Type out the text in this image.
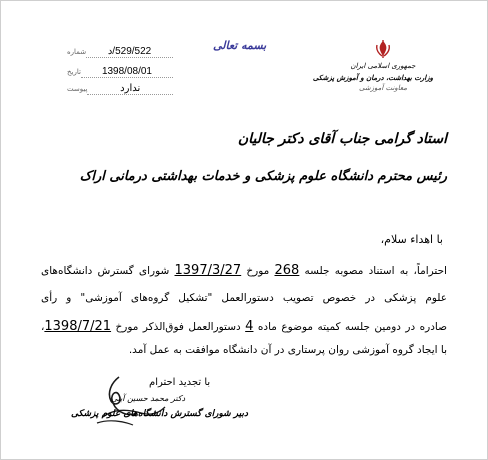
شماره	529/522/د
تاریخ	1398/08/01
پیوست	ندارد
بسمه تعالی
جمهوری اسلامی ایران
وزارت بهداشت، درمان و آموزش پزشکی
معاونت آموزشی
استاد گرامی جناب آقای دکتر جالیان
رئیس محترم دانشگاه علوم پزشکی و خدمات بهداشتی درمانی اراک
با اهداء سلام،
احتراماً، به استناد مصوبه جلسه 268 مورخ 1397/3/27 شورای گسترش دانشگاه‌های
علوم پزشکی در خصوص تصویب دستورالعمل "تشکیل گروه‌های آموزشی" و رأی
صادره در دومین جلسه کمیته موضوع ماده 4 دستورالعمل فوق‌الذکر مورخ 1398/7/21،
با ایجاد گروه آموزشی روان پرستاری در آن دانشگاه موافقت به عمل آمد.
با تجدید احترام
دکتر محمد حسین آیتی
دبیر شورای گسترش دانشگاه‌های علوم پزشکی
